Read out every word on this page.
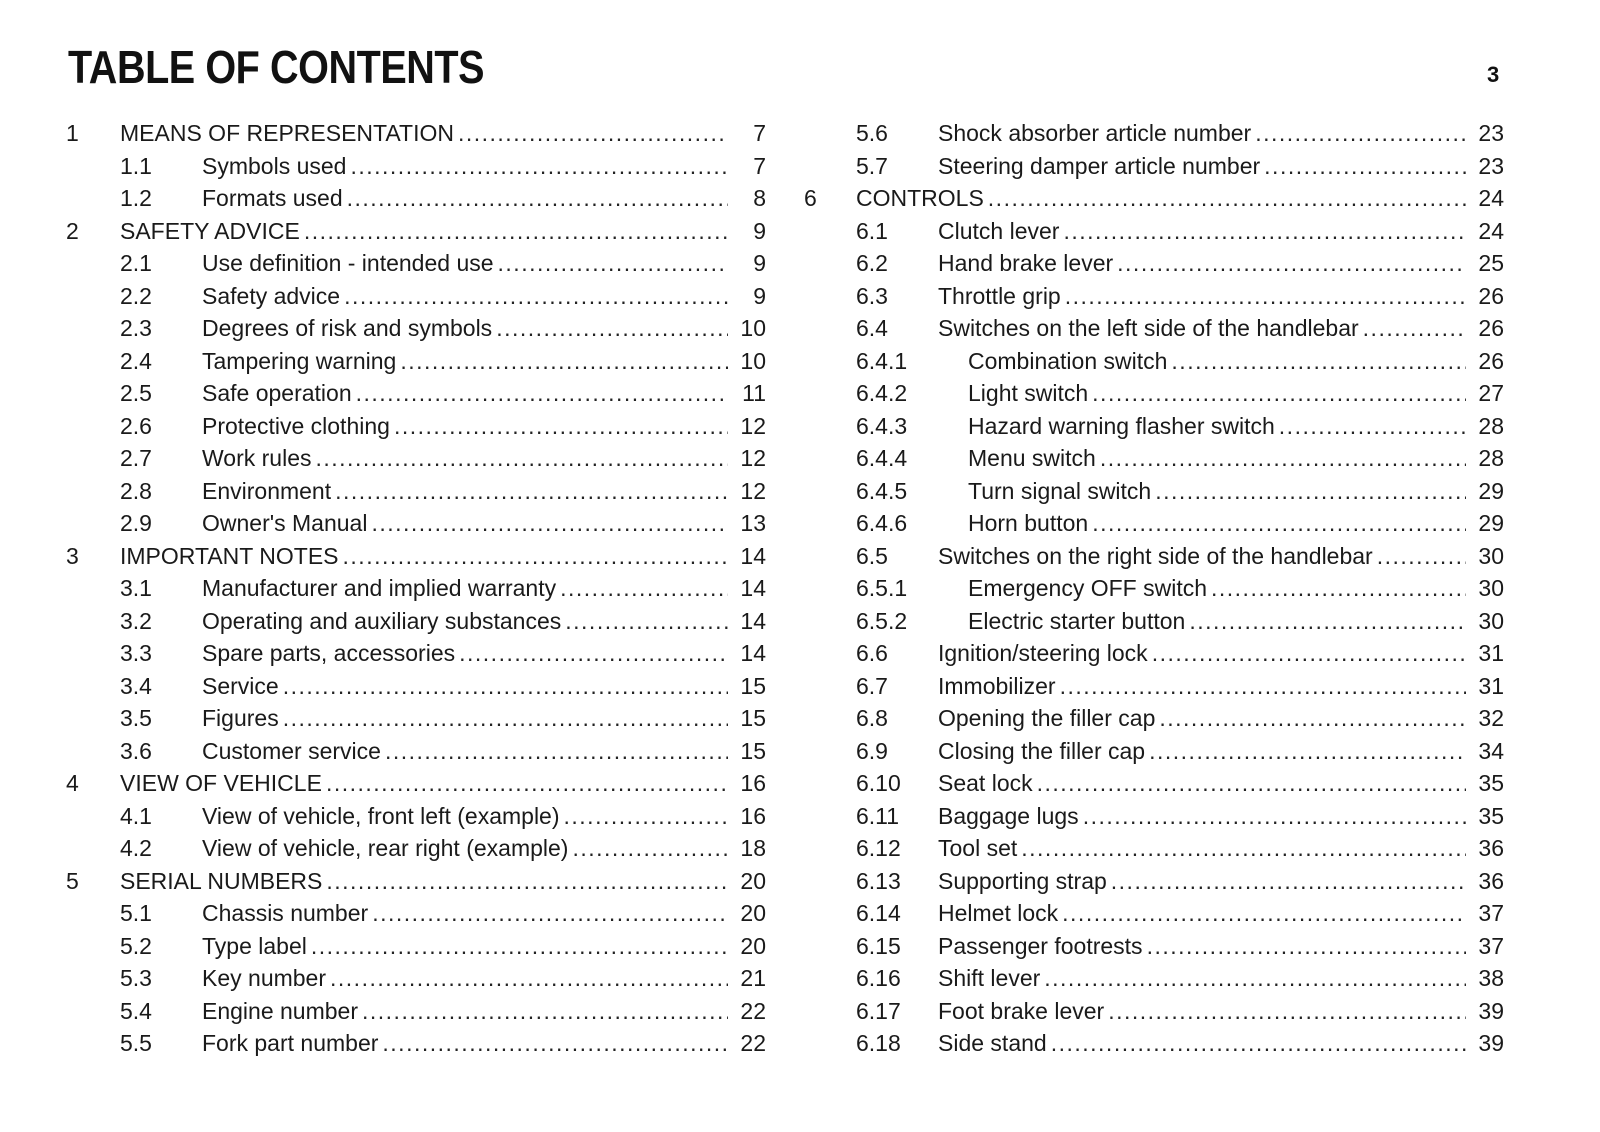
TABLE OF CONTENTS	3
1	MEANS OF REPRESENTATION .....	7
1.1	Symbols used .....	7
1.2	Formats used .....	8
2	SAFETY ADVICE .....	9
2.1	Use definition - intended use .....	9
2.2	Safety advice .....	9
2.3	Degrees of risk and symbols .....	10
2.4	Tampering warning .....	10
2.5	Safe operation .....	11
2.6	Protective clothing .....	12
2.7	Work rules .....	12
2.8	Environment .....	12
2.9	Owner's Manual .....	13
3	IMPORTANT NOTES .....	14
3.1	Manufacturer and implied warranty .....	14
3.2	Operating and auxiliary substances .....	14
3.3	Spare parts, accessories .....	14
3.4	Service .....	15
3.5	Figures .....	15
3.6	Customer service .....	15
4	VIEW OF VEHICLE .....	16
4.1	View of vehicle, front left (example) .....	16
4.2	View of vehicle, rear right (example) .....	18
5	SERIAL NUMBERS .....	20
5.1	Chassis number .....	20
5.2	Type label .....	20
5.3	Key number .....	21
5.4	Engine number .....	22
5.5	Fork part number .....	22
5.6	Shock absorber article number .....	23
5.7	Steering damper article number .....	23
6	CONTROLS .....	24
6.1	Clutch lever .....	24
6.2	Hand brake lever .....	25
6.3	Throttle grip .....	26
6.4	Switches on the left side of the handlebar .....	26
6.4.1	Combination switch .....	26
6.4.2	Light switch .....	27
6.4.3	Hazard warning flasher switch .....	28
6.4.4	Menu switch .....	28
6.4.5	Turn signal switch .....	29
6.4.6	Horn button .....	29
6.5	Switches on the right side of the handlebar .....	30
6.5.1	Emergency OFF switch .....	30
6.5.2	Electric starter button .....	30
6.6	Ignition/steering lock .....	31
6.7	Immobilizer .....	31
6.8	Opening the filler cap .....	32
6.9	Closing the filler cap .....	34
6.10	Seat lock .....	35
6.11	Baggage lugs .....	35
6.12	Tool set .....	36
6.13	Supporting strap .....	36
6.14	Helmet lock .....	37
6.15	Passenger footrests .....	37
6.16	Shift lever .....	38
6.17	Foot brake lever .....	39
6.18	Side stand .....	39
